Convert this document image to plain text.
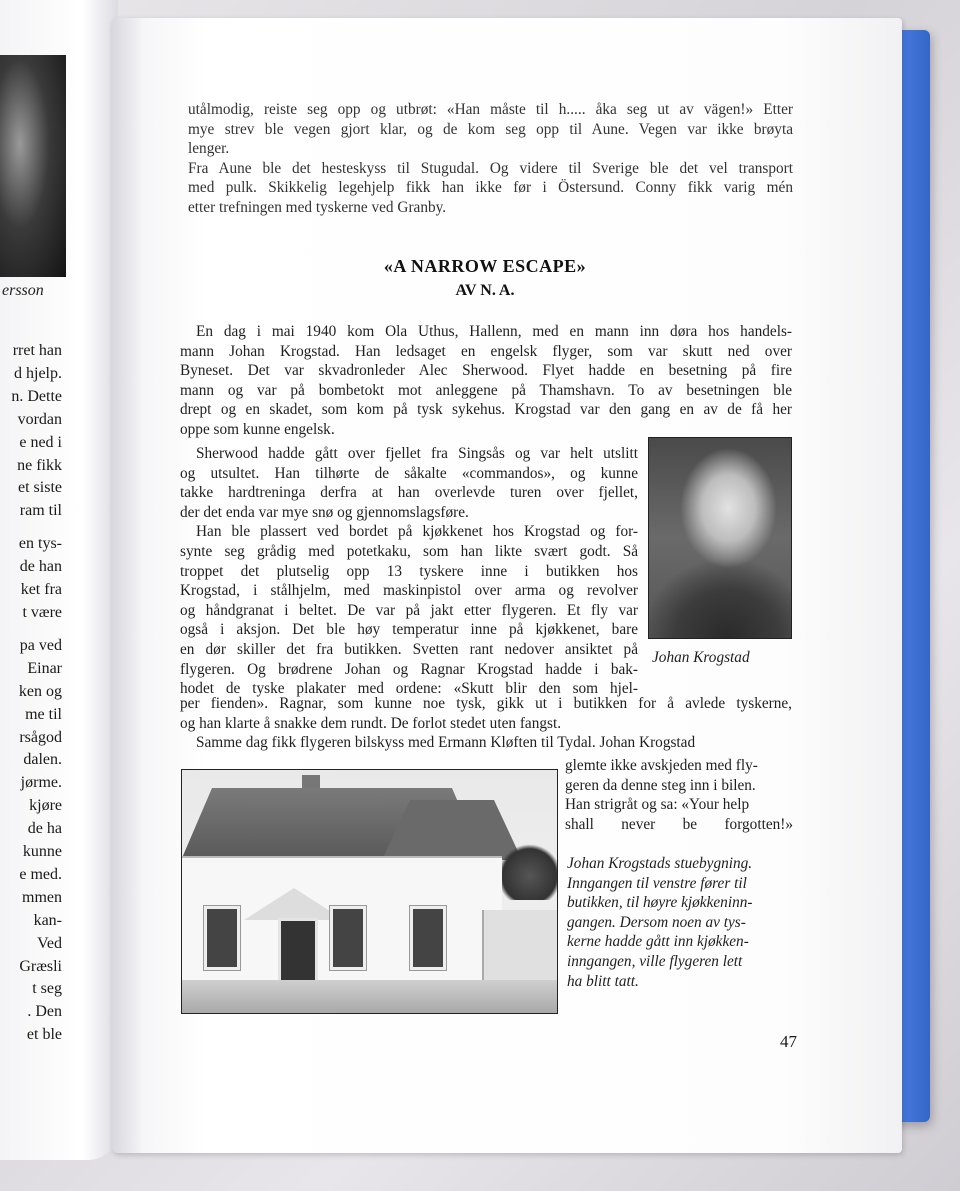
ersson
rret han
d hjelp.
n. Dette
vordan
e ned i
ne fikk
et siste
ram til
en tys-
de han
ket fra
t være
pa ved
Einar
ken og
me til
rsågod
dalen.
jørme.
kjøre
de ha
kunne
e med.
mmen
kan-
Ved
Græsli
t seg
. Den
et ble
utålmodig, reiste seg opp og utbrøt: «Han måste til h..... åka seg ut av vägen!» Etter
mye strev ble vegen gjort klar, og de kom seg opp til Aune. Vegen var ikke brøyta
lenger.
Fra Aune ble det hesteskyss til Stugudal. Og videre til Sverige ble det vel transport
med pulk. Skikkelig legehjelp fikk han ikke før i Östersund. Conny fikk varig mén
etter trefningen med tyskerne ved Granby.
«A NARROW ESCAPE»
AV N. A.
En dag i mai 1940 kom Ola Uthus, Hallenn, med en mann inn døra hos handels-
mann Johan Krogstad. Han ledsaget en engelsk flyger, som var skutt ned over
Byneset. Det var skvadronleder Alec Sherwood. Flyet hadde en besetning på fire
mann og var på bombetokt mot anleggene på Thamshavn. To av besetningen ble
drept og en skadet, som kom på tysk sykehus. Krogstad var den gang en av de få her
oppe som kunne engelsk.
Sherwood hadde gått over fjellet fra Singsås og var helt utslitt
og utsultet. Han tilhørte de såkalte «commandos», og kunne
takke hardtreninga derfra at han overlevde turen over fjellet,
der det enda var mye snø og gjennomslagsføre.
Han ble plassert ved bordet på kjøkkenet hos Krogstad og for-
synte seg grådig med potetkaku, som han likte svært godt. Så
troppet det plutselig opp 13 tyskere inne i butikken hos
Krogstad, i stålhjelm, med maskinpistol over arma og revolver
og håndgranat i beltet. De var på jakt etter flygeren. Et fly var
også i aksjon. Det ble høy temperatur inne på kjøkkenet, bare
en dør skiller det fra butikken. Svetten rant nedover ansiktet på
flygeren. Og brødrene Johan og Ragnar Krogstad hadde i bak-
hodet de tyske plakater med ordene: «Skutt blir den som hjel-
per fienden». Ragnar, som kunne noe tysk, gikk ut i butikken for å avlede tyskerne,
og han klarte å snakke dem rundt. De forlot stedet uten fangst.
Samme dag fikk flygeren bilskyss med Ermann Kløften til Tydal. Johan Krogstad
glemte ikke avskjeden med fly-
geren da denne steg inn i bilen.
Han strigråt og sa: «Your help
shall never be forgotten!»
Johan Krogstad
Johan Krogstads stuebygning.
Inngangen til venstre fører til
butikken, til høyre kjøkkeninn-
gangen. Dersom noen av tys-
kerne hadde gått inn kjøkken-
inngangen, ville flygeren lett
ha blitt tatt.
47
